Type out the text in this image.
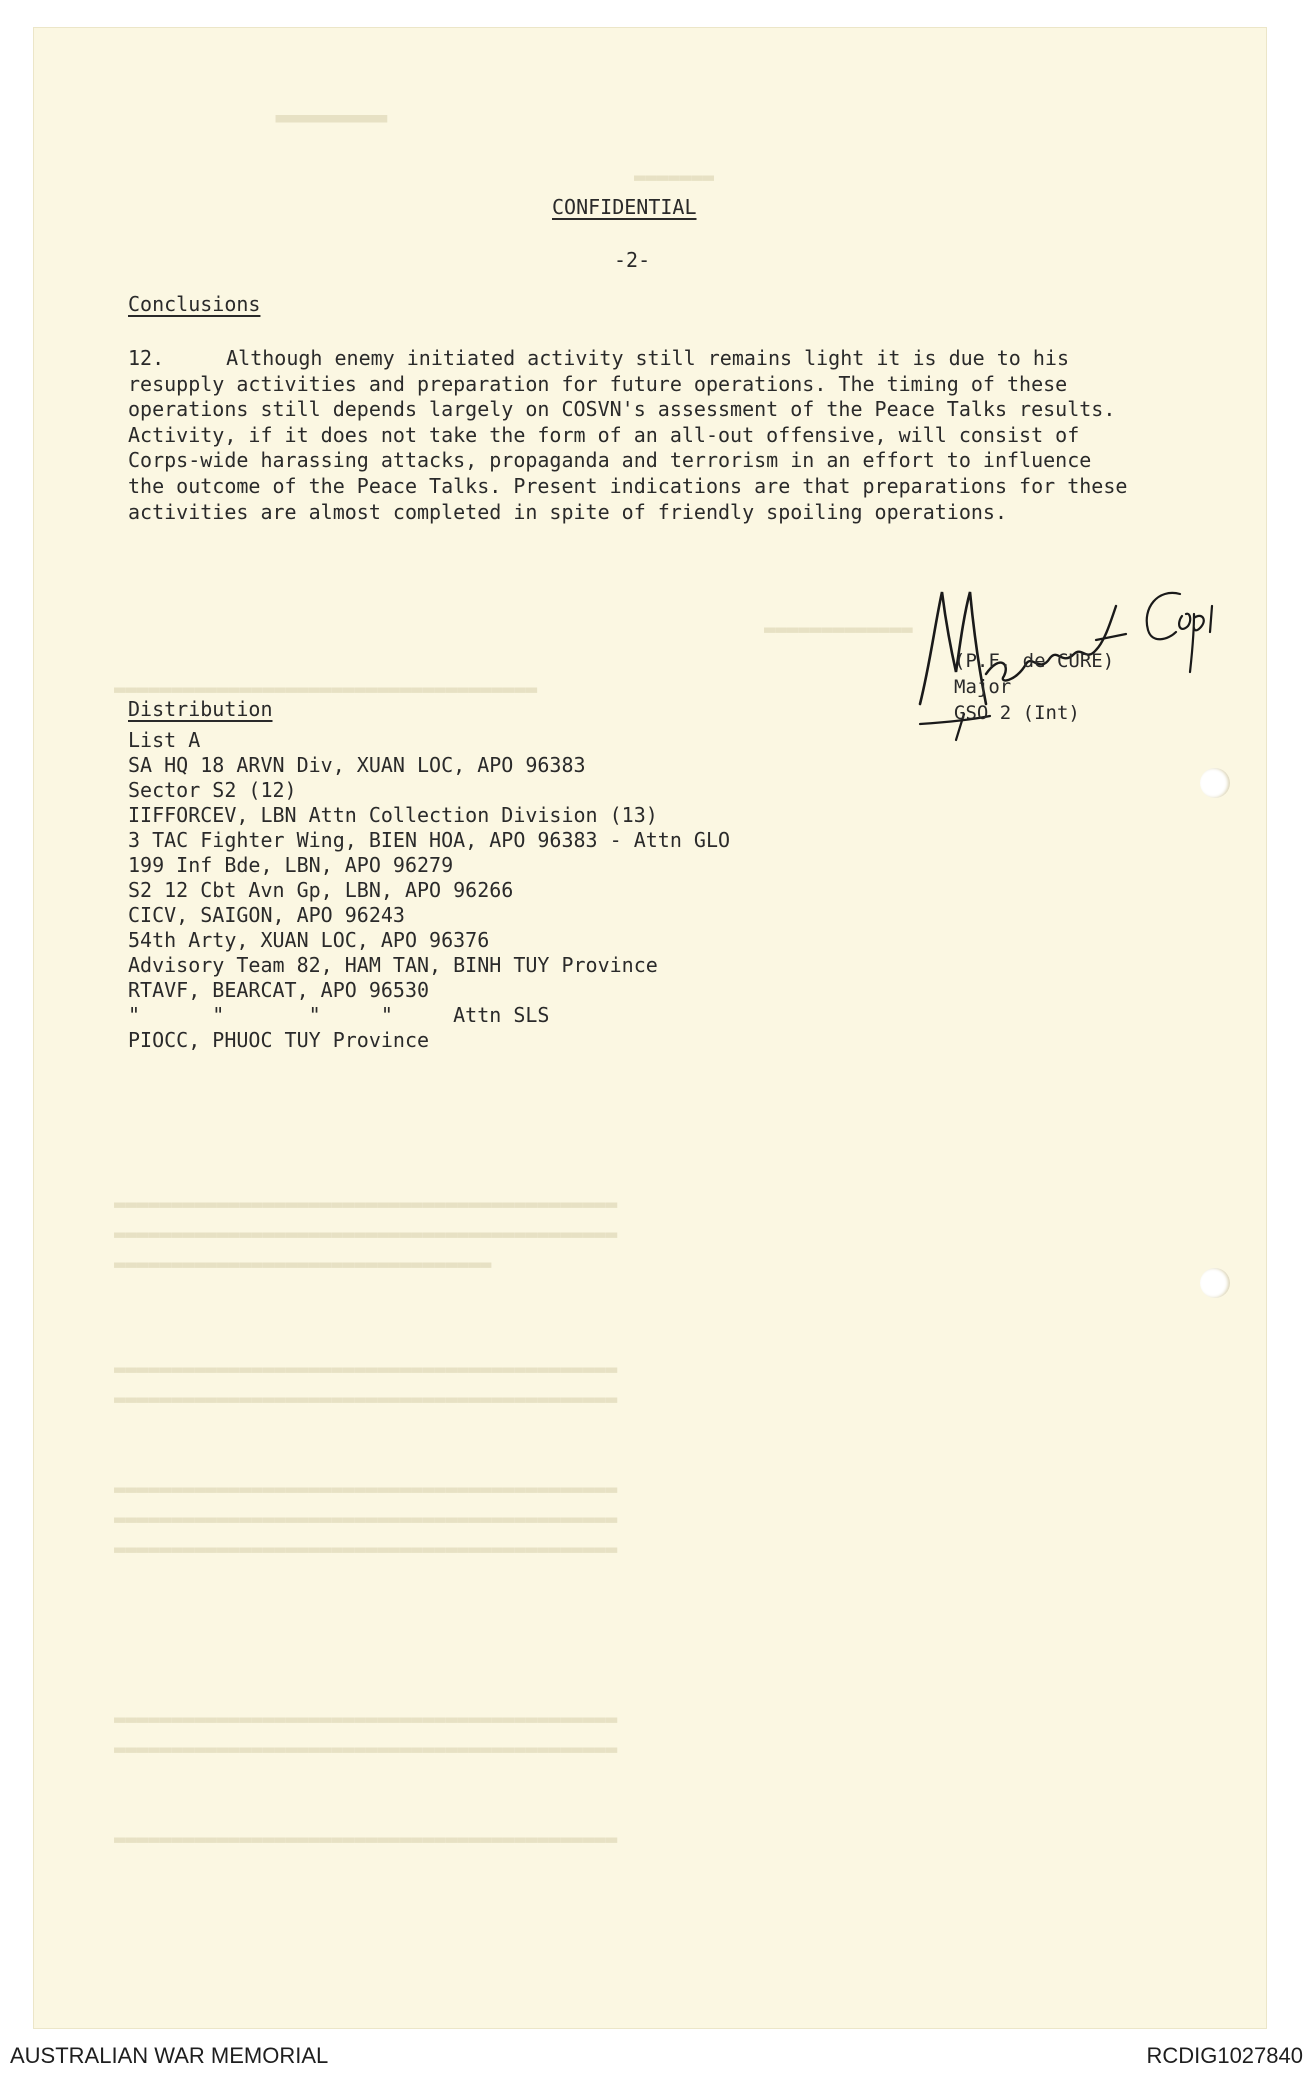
▔▔▔
▬▬▬▬▬▬▬
▬▬▬▬▬▬▬▬▬▬▬▬▬
▬▬▬▬▬▬▬▬▬▬▬▬▬▬▬▬▬▬▬▬▬▬▬▬▬▬▬▬▬▬▬▬▬▬▬▬▬
▬▬▬▬▬▬▬▬▬▬▬▬▬▬▬▬▬▬▬▬▬▬▬▬▬▬▬▬▬▬▬▬▬▬▬▬▬▬▬▬▬▬▬▬
▬▬▬▬▬▬▬▬▬▬▬▬▬▬▬▬▬▬▬▬▬▬▬▬▬▬▬▬▬▬▬▬▬▬▬▬▬▬▬▬▬▬▬▬
▬▬▬▬▬▬▬▬▬▬▬▬▬▬▬▬▬▬▬▬▬▬▬▬▬▬▬▬▬▬▬▬▬
▬▬▬▬▬▬▬▬▬▬▬▬▬▬▬▬▬▬▬▬▬▬▬▬▬▬▬▬▬▬▬▬▬▬▬▬▬▬▬▬▬▬▬▬
▬▬▬▬▬▬▬▬▬▬▬▬▬▬▬▬▬▬▬▬▬▬▬▬▬▬▬▬▬▬▬▬▬▬▬▬▬▬▬▬▬▬▬▬
▬▬▬▬▬▬▬▬▬▬▬▬▬▬▬▬▬▬▬▬▬▬▬▬▬▬▬▬▬▬▬▬▬▬▬▬▬▬▬▬▬▬▬▬
▬▬▬▬▬▬▬▬▬▬▬▬▬▬▬▬▬▬▬▬▬▬▬▬▬▬▬▬▬▬▬▬▬▬▬▬▬▬▬▬▬▬▬▬
▬▬▬▬▬▬▬▬▬▬▬▬▬▬▬▬▬▬▬▬▬▬▬▬▬▬▬▬▬▬▬▬▬▬▬▬▬▬▬▬▬▬▬▬
▬▬▬▬▬▬▬▬▬▬▬▬▬▬▬▬▬▬▬▬▬▬▬▬▬▬▬▬▬▬▬▬▬▬▬▬▬▬▬▬▬▬▬▬
▬▬▬▬▬▬▬▬▬▬▬▬▬▬▬▬▬▬▬▬▬▬▬▬▬▬▬▬▬▬▬▬▬▬▬▬▬▬▬▬▬▬▬▬
▬▬▬▬▬▬▬▬▬▬▬▬▬▬▬▬▬▬▬▬▬▬▬▬▬▬▬▬▬▬▬▬▬▬▬▬▬▬▬▬▬▬▬▬
CONFIDENTIAL
-2-
Conclusions
12.	Although enemy initiated activity still remains light it is due to his
resupply activities and preparation for future operations. The timing of these
operations still depends largely on COSVN's assessment of the Peace Talks results.
Activity, if it does not take the form of an all-out offensive, will consist of
Corps-wide harassing attacks, propaganda and terrorism in an effort to influence
the outcome of the Peace Talks. Present indications are that preparations for these
activities are almost completed in spite of friendly spoiling operations.
(P.F. de CURE)
Major
GSO 2 (Int)
Distribution
List A
SA HQ 18 ARVN Div, XUAN LOC, APO 96383
Sector S2 (12)
IIFFORCEV, LBN Attn Collection Division (13)
3 TAC Fighter Wing, BIEN HOA, APO 96383 - Attn GLO
199 Inf Bde, LBN, APO 96279
S2 12 Cbt Avn Gp, LBN, APO 96266
CICV, SAIGON, APO 96243
54th Arty, XUAN LOC, APO 96376
Advisory Team 82, HAM TAN, BINH TUY Province
RTAVF, BEARCAT, APO 96530
"      "       "     "     Attn SLS
PIOCC, PHUOC TUY Province
AUSTRALIAN WAR MEMORIAL	RCDIG1027840
